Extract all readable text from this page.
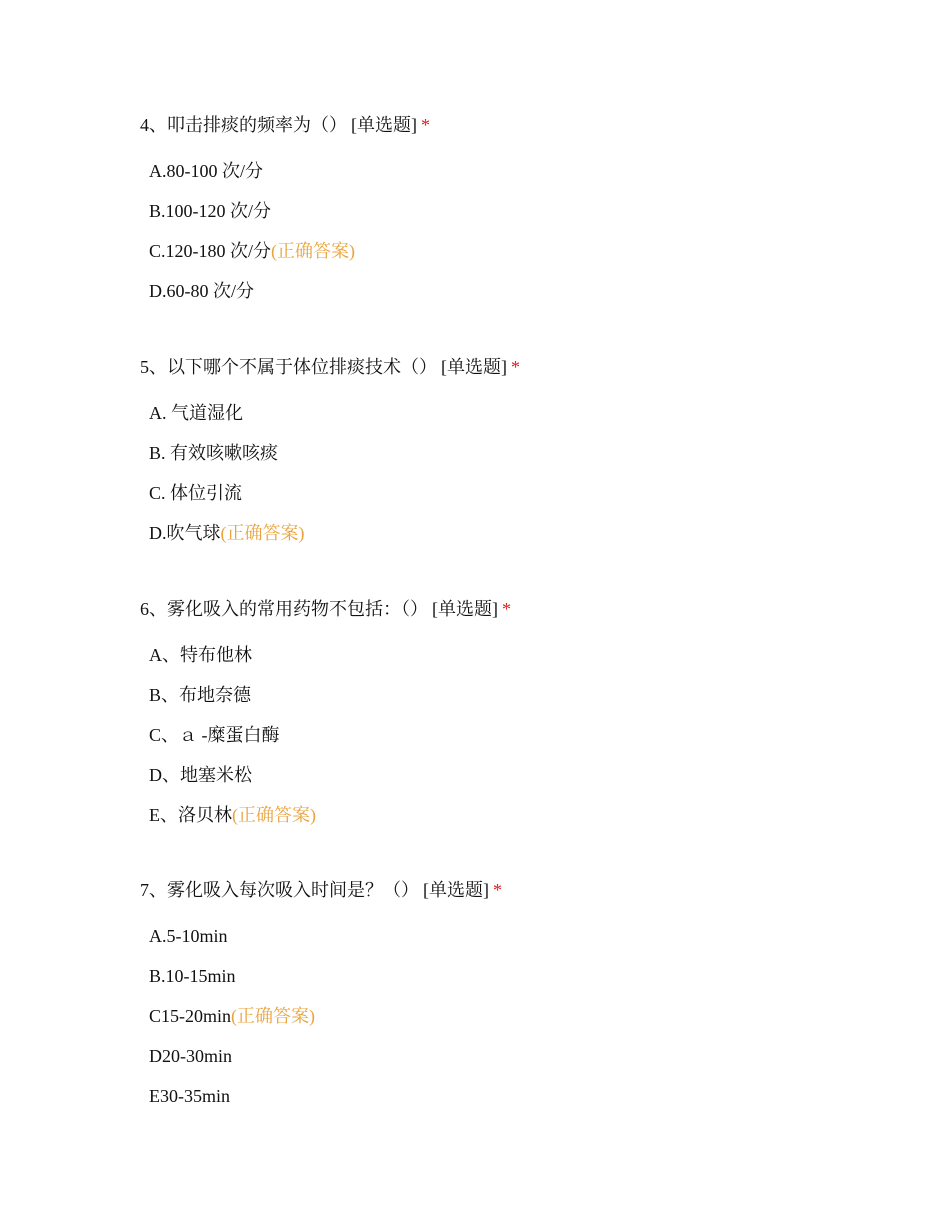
4、叩击排痰的频率为（） [单选题] *
A.80-100 次/分
B.100-120 次/分
C.120-180 次/分(正确答案)
D.60-80 次/分
5、以下哪个不属于体位排痰技术（） [单选题] *
A. 气道湿化
B. 有效咳嗽咳痰
C. 体位引流
D.吹气球(正确答案)
6、雾化吸入的常用药物不包括：（） [单选题] *
A、特布他林
B、布地奈德
C、ａ -糜蛋白酶
D、地塞米松
E、洛贝林(正确答案)
7、雾化吸入每次吸入时间是？（） [单选题] *
A.5-10min
B.10-15min
C15-20min(正确答案)
D20-30min
E30-35min
